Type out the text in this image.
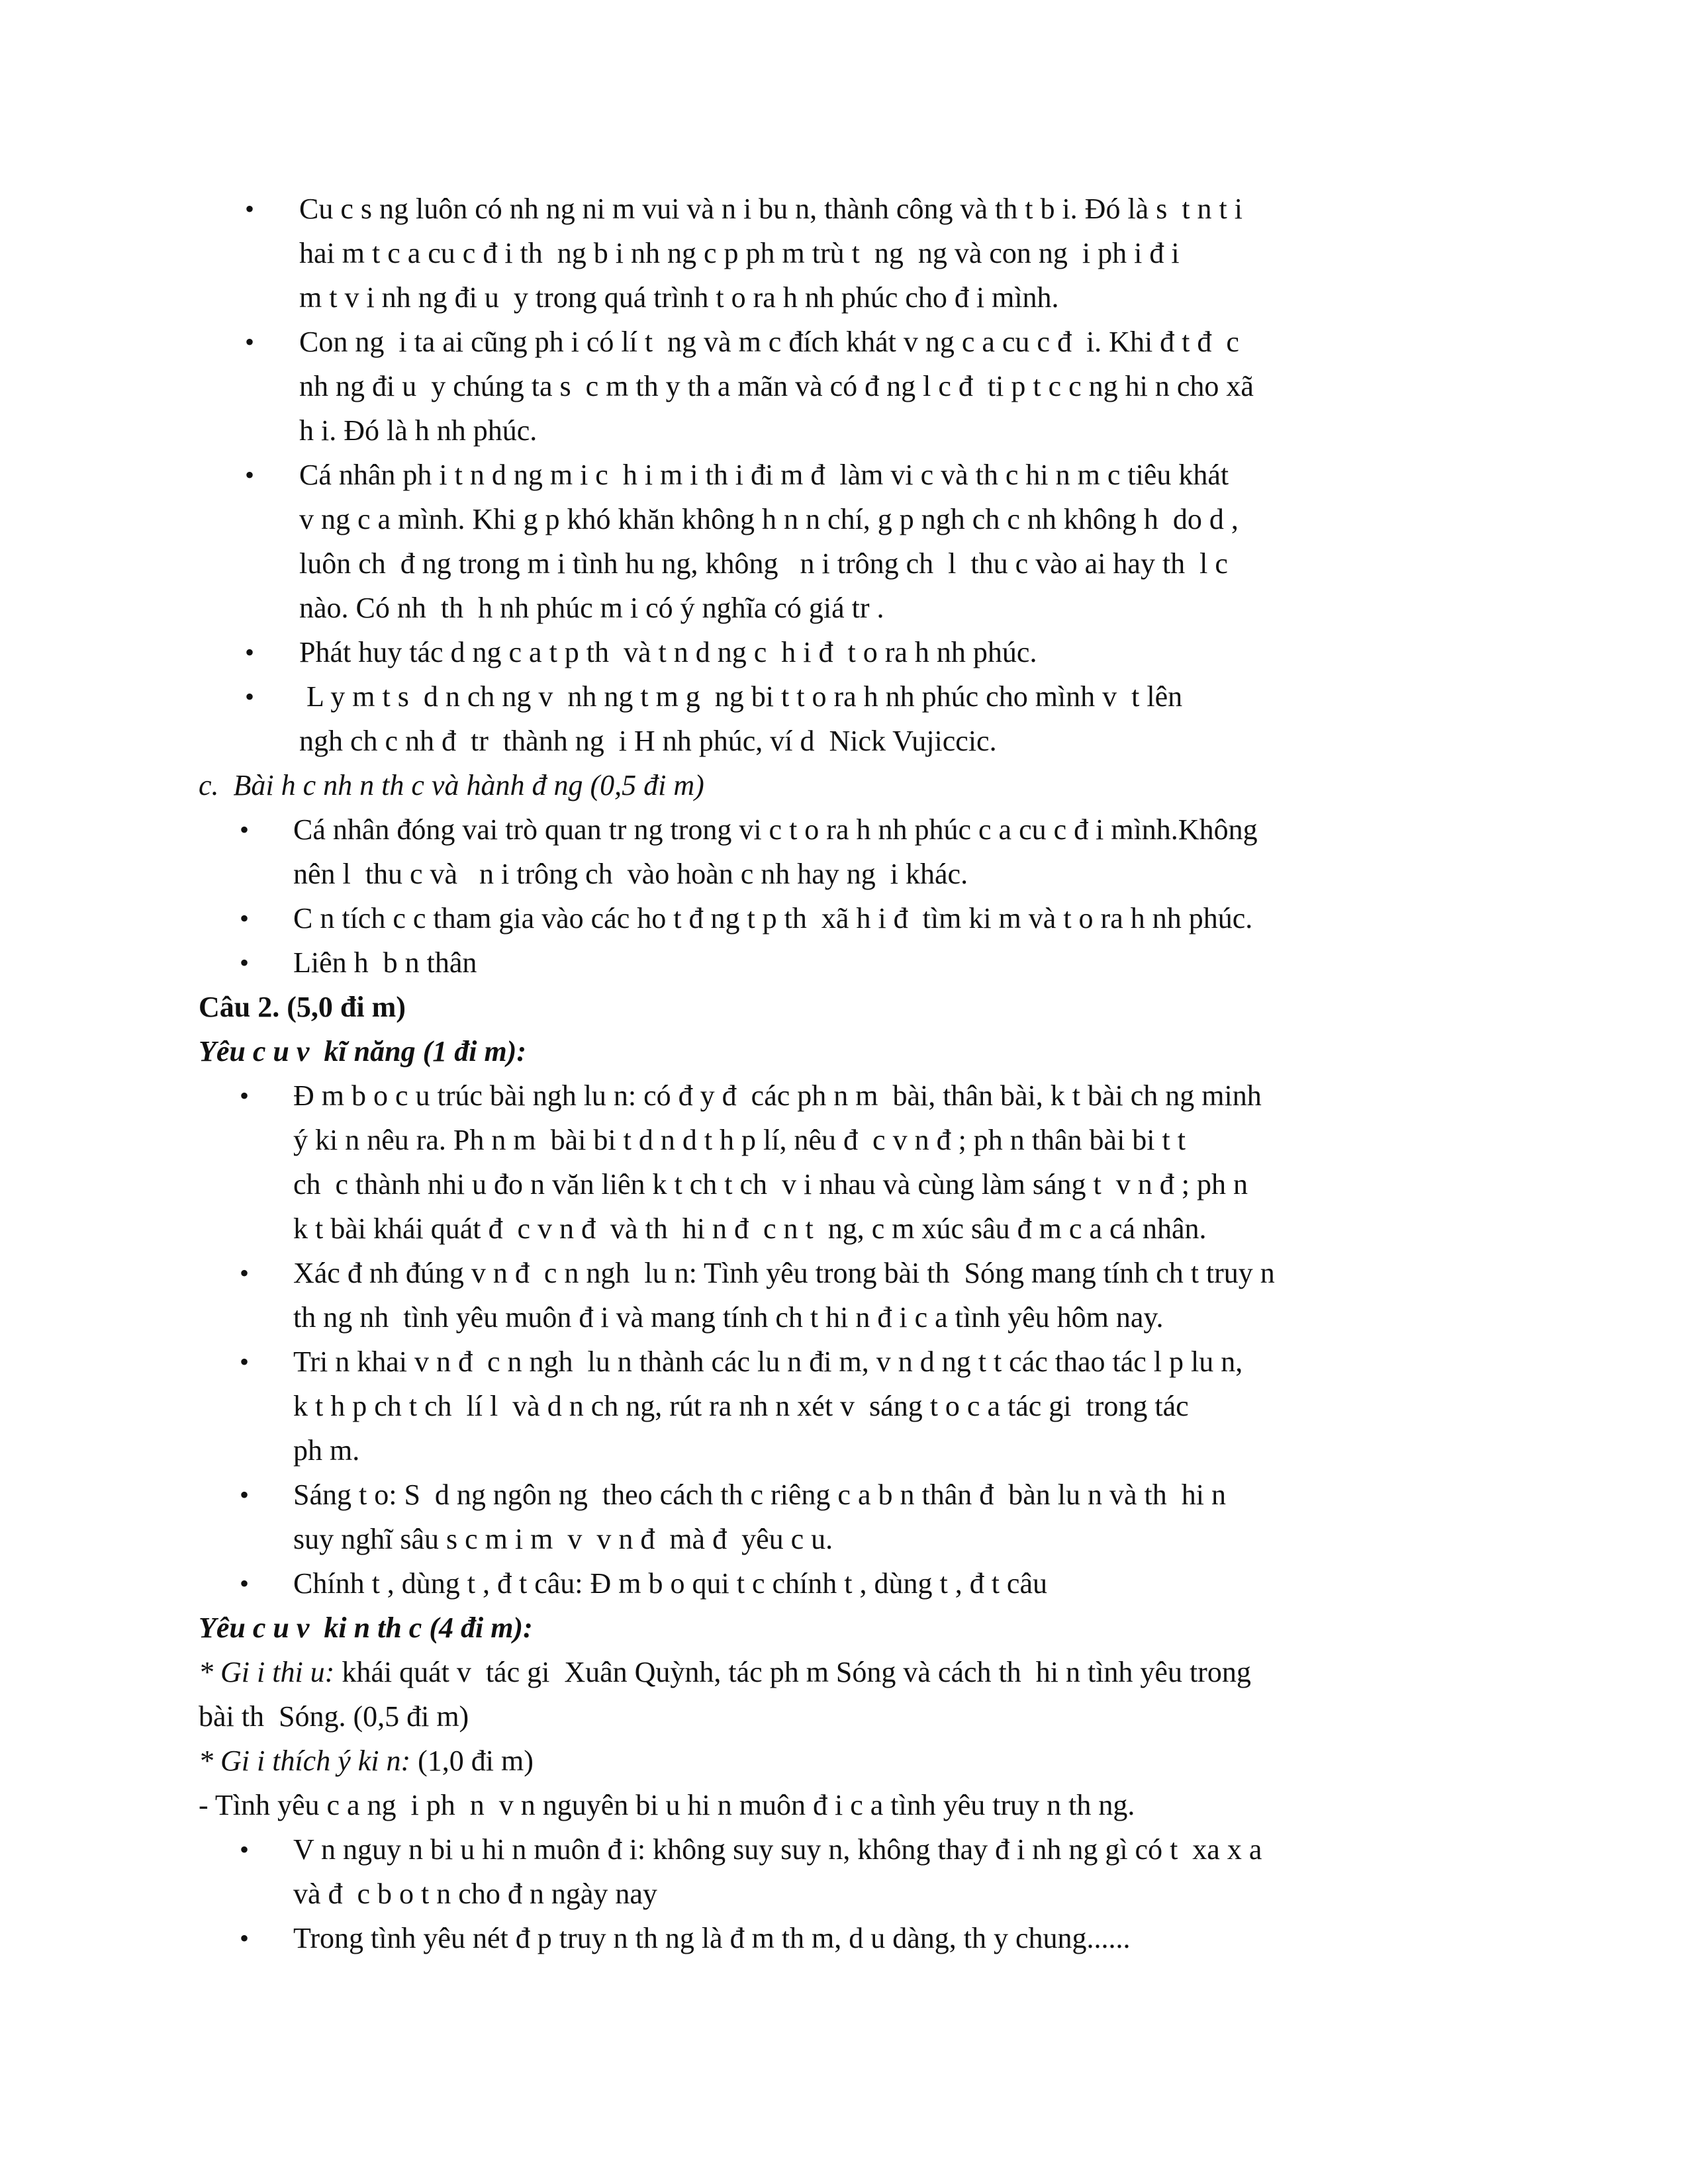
• Cu c s ng luôn có nh ng ni m vui và n i bu n, thành công và th t b i. Đó là s  t n t i
hai m t c a cu c đ i th  ng b i nh ng c p ph m trù t  ng  ng và con ng  i ph i đ i
m t v i nh ng đi u  y trong quá trình t o ra h nh phúc cho đ i mình.
• Con ng  i ta ai cũng ph i có lí t  ng và m c đích khát v ng c a cu c đ  i. Khi đ t đ  c
nh ng đi u  y chúng ta s  c m th y th a mãn và có đ ng l c đ  ti p t c c ng hi n cho xã
h i. Đó là h nh phúc.
• Cá nhân ph i t n d ng m i c  h i m i th i đi m đ  làm vi c và th c hi n m c tiêu khát
v ng c a mình. Khi g p khó khăn không h n n chí, g p ngh ch c nh không h  do d ,
luôn ch  đ ng trong m i tình hu ng, không   n i trông ch  l  thu c vào ai hay th  l c
nào. Có nh  th  h nh phúc m i có ý nghĩa có giá tr .
• Phát huy tác d ng c a t p th  và t n d ng c  h i đ  t o ra h nh phúc.
• L y m t s  d n ch ng v  nh ng t m g  ng bi t t o ra h nh phúc cho mình v  t lên
ngh ch c nh đ  tr  thành ng  i H nh phúc, ví d  Nick Vujiccic.
c.  Bài h c nh n th c và hành đ ng (0,5 đi m)
• Cá nhân đóng vai trò quan tr ng trong vi c t o ra h nh phúc c a cu c đ i mình.Không
nên l  thu c và   n i trông ch  vào hoàn c nh hay ng  i khác.
• C n tích c c tham gia vào các ho t đ ng t p th  xã h i đ  tìm ki m và t o ra h nh phúc.
• Liên h  b n thân
Câu 2. (5,0 đi m)
Yêu c u v  kĩ năng (1 đi m):
• Đ m b o c u trúc bài ngh lu n: có đ y đ  các ph n m  bài, thân bài, k t bài ch ng minh
ý ki n nêu ra. Ph n m  bài bi t d n d t h p lí, nêu đ  c v n đ ; ph n thân bài bi t t
ch  c thành nhi u đo n văn liên k t ch t ch  v i nhau và cùng làm sáng t  v n đ ; ph n
k t bài khái quát đ  c v n đ  và th  hi n đ  c n t  ng, c m xúc sâu đ m c a cá nhân.
• Xác đ nh đúng v n đ  c n ngh  lu n: Tình yêu trong bài th  Sóng mang tính ch t truy n
th ng nh  tình yêu muôn đ i và mang tính ch t hi n đ i c a tình yêu hôm nay.
• Tri n khai v n đ  c n ngh  lu n thành các lu n đi m, v n d ng t t các thao tác l p lu n,
k t h p ch t ch  lí l  và d n ch ng, rút ra nh n xét v  sáng t o c a tác gi  trong tác
ph m.
• Sáng t o: S  d ng ngôn ng  theo cách th c riêng c a b n thân đ  bàn lu n và th  hi n
suy nghĩ sâu s c m i m  v  v n đ  mà đ  yêu c u.
• Chính t , dùng t , đ t câu: Đ m b o qui t c chính t , dùng t , đ t câu
Yêu c u v  ki n th c (4 đi m):
* Gi i thi u: khái quát v  tác gi  Xuân Quỳnh, tác ph m Sóng và cách th  hi n tình yêu trong
bài th  Sóng. (0,5 đi m)
* Gi i thích ý ki n: (1,0 đi m)
- Tình yêu c a ng  i ph  n  v n nguyên bi u hi n muôn đ i c a tình yêu truy n th ng.
• V n nguy n bi u hi n muôn đ i: không suy suy n, không thay đ i nh ng gì có t  xa x a
và đ  c b o t n cho đ n ngày nay
• Trong tình yêu nét đ p truy n th ng là đ m th m, d u dàng, th y chung......
